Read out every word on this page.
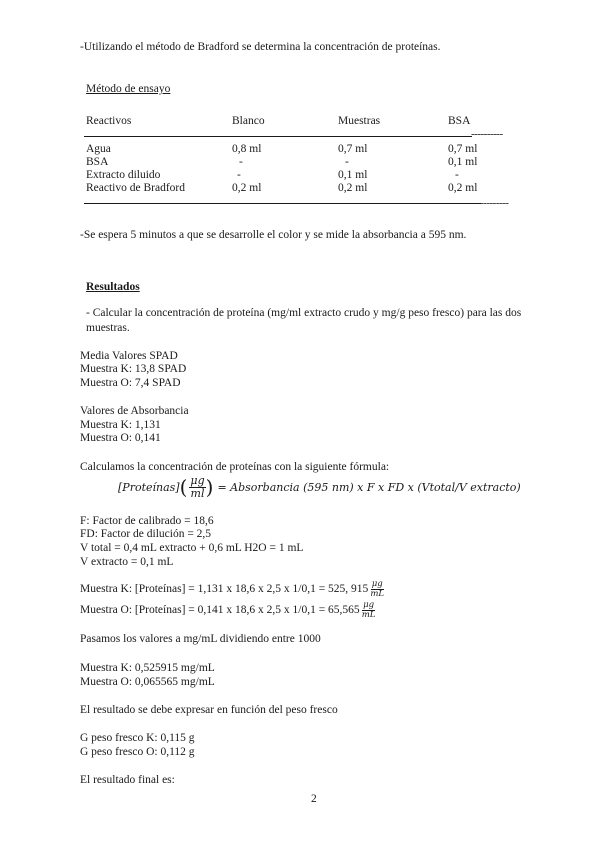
-Utilizando el método de Bradford se determina la concentración de proteínas.
Método de ensayo
Reactivos	Blanco	Muestras	BSA
----------
Agua	0,8 ml	0,7 ml	0,7 ml
BSA	-	-	0,1 ml
Extracto diluido	-	0,1 ml	-
Reactivo de Bradford	0,2 ml	0,2 ml	0,2 ml
---------
-Se espera 5 minutos a que se desarrolle el color y se mide la absorbancia a 595 nm.
Resultados
- Calcular la concentración de proteína (mg/ml extracto crudo y mg/g peso fresco) para las dos
muestras.
Media Valores SPAD
Muestra K: 13,8 SPAD
Muestra O: 7,4 SPAD
Valores de Absorbancia
Muestra K: 1,131
Muestra O: 0,141
Calculamos la concentración de proteínas con la siguiente fórmula:
[Proteínas] ( $\frac{\mu g}{ml}$ ) = Absorbancia (595 nm) x F x FD x (Vtotal/V extracto)
F: Factor de calibrado = 18,6
FD: Factor de dilución = 2,5
V total = 0,4 mL extracto + 0,6 mL H2O = 1 mL
V extracto = 0,1 mL
Muestra K: [Proteínas] = 1,131 x 18,6 x 2,5 x 1/0,1 = 525, $915 \frac{\mu g}{mL}$
Muestra O: [Proteínas] = 0,141 x 18,6 x 2,5 x $1/0,1 = 65,565 \frac{\mu g}{mL}$
Pasamos los valores a mg/mL dividiendo entre 1000
Muestra K: 0,525915 mg/mL
Muestra O: 0,065565 mg/mL
El resultado se debe expresar en función del peso fresco
G peso fresco K: 0,115 g
G peso fresco O: 0,112 g
El resultado final es:
2
